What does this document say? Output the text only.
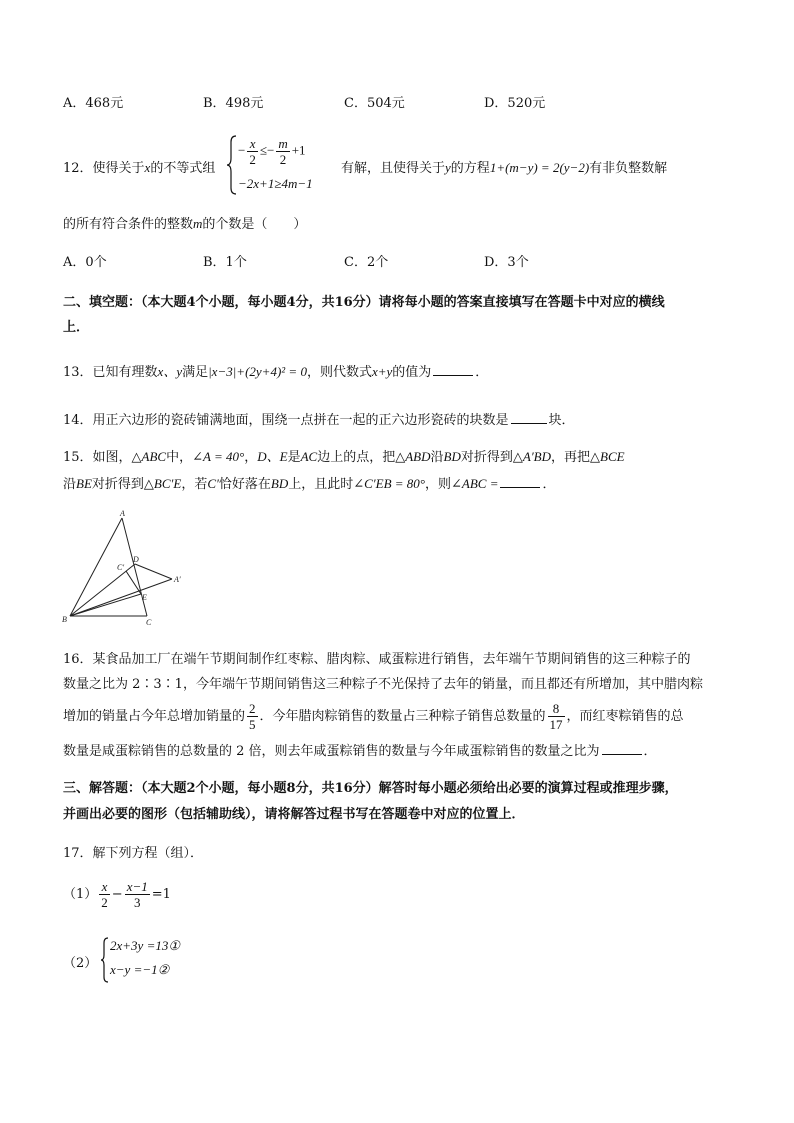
A．468元	B．498元	C．504元	D．520元
12．使得关于x的不等式组
− $\frac{x}{2} \le- \frac{m}{2} +1$
−2x+1≥4m−1
有解，且使得关于y的方程1+(m−y) = 2(y−2)有非负整数解
的所有符合条件的整数m的个数是（　　）
A．0个	B．1个	C．2个	D．3个
二、填空题：（本大题4个小题，每小题4分，共16分）请将每小题的答案直接填写在答题卡中对应的横线
上．
13．已知有理数x、y满足|x−3|+(2y+4)² = 0，则代数式x+y的值为	．
14．用正六边形的瓷砖铺满地面，围绕一点拼在一起的正六边形瓷砖的块数是	块．
15．如图，△ABC中，∠A = 40°，D、E是AC边上的点，把△ABD沿BD对折得到△A′BD，再把△BCE
沿BE对折得到△BC′E，若C′恰好落在BD上，且此时∠C′EB = 80°，则∠ABC =	．
A
B	C
D
E
C′
A′
16．某食品加工厂在端午节期间制作红枣粽、腊肉粽、咸蛋粽进行销售，去年端午节期间销售的这三种粽子的
数量之比为 2∶3∶1，今年端午节期间销售这三种粽子不光保持了去年的销量，而且都还有所增加，其中腊肉粽
增加的销量占今年总增加销量的 $\frac{2}{5}$ ．今年腊肉粽销售的数量占三种粽子销售总数量的 $\frac{8}{17}$ ，而红枣粽销售的总
数量是咸蛋粽销售的总数量的 2 倍，则去年咸蛋粽销售的数量与今年咸蛋粽销售的数量之比为	．
三、解答题：（本大题2个小题，每小题8分，共16分）解答时每小题必须给出必要的演算过程或推理步骤，
并画出必要的图形（包括辅助线），请将解答过程书写在答题卷中对应的位置上．
17．解下列方程（组）．
$(1) \frac{x}{2} - \frac{x-1}{3} =1$
（2）
2x+3y =13①
x−y =−1②
